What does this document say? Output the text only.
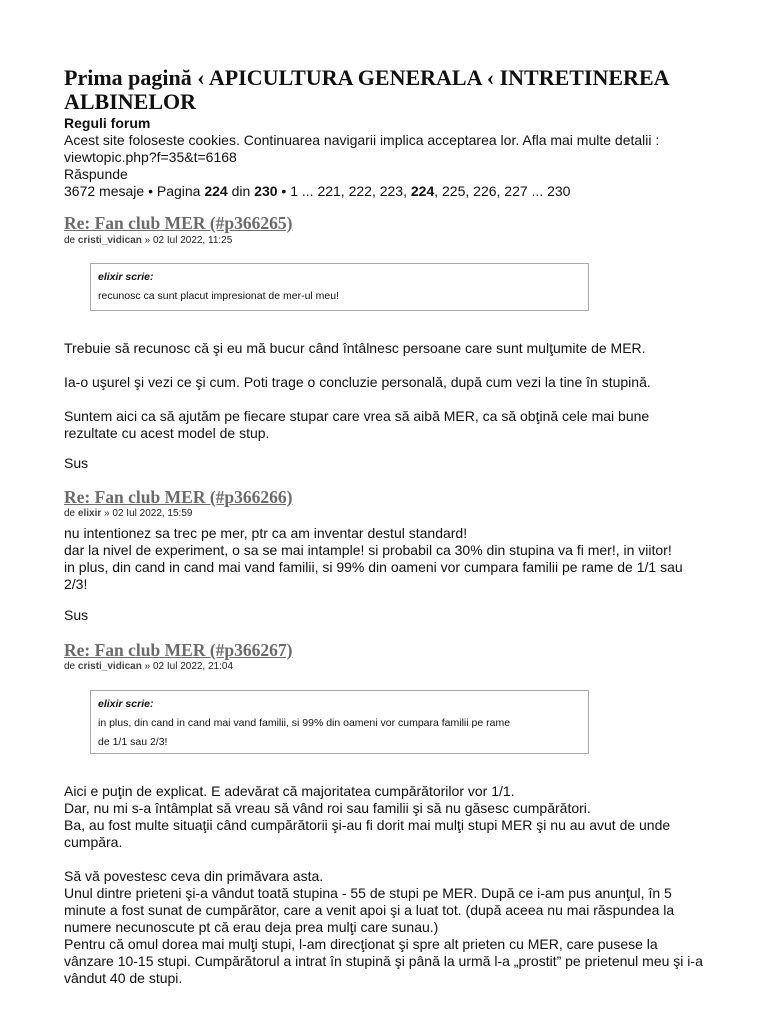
Prima pagină ‹ APICULTURA GENERALA ‹ INTRETINEREA ALBINELOR
Reguli forum
Acest site foloseste cookies. Continuarea navigarii implica acceptarea lor. Afla mai multe detalii :
viewtopic.php?f=35&t=6168
Răspunde
3672 mesaje • Pagina 224 din 230 • 1 ... 221, 222, 223, 224, 225, 226, 227 ... 230
Re: Fan club MER (#p366265)
de cristi_vidican » 02 Iul 2022, 11:25
elixir scrie:
recunosc ca sunt placut impresionat de mer-ul meu!
Trebuie să recunosc că şi eu mă bucur când întâlnesc persoane care sunt mulţumite de MER.
Ia-o uşurel şi vezi ce şi cum. Poti trage o concluzie personală, după cum vezi la tine în stupină.
Suntem aici ca să ajutăm pe fiecare stupar care vrea să aibă MER, ca să obţină cele mai bune rezultate cu acest model de stup.
Sus
Re: Fan club MER (#p366266)
de elixir » 02 Iul 2022, 15:59
nu intentionez sa trec pe mer, ptr ca am inventar destul standard!
dar la nivel de experiment, o sa se mai intample! si probabil ca 30% din stupina va fi mer!, in viitor!
in plus, din cand in cand mai vand familii, si 99% din oameni vor cumpara familii pe rame de 1/1 sau 2/3!
Sus
Re: Fan club MER (#p366267)
de cristi_vidican » 02 Iul 2022, 21:04
elixir scrie:
in plus, din cand in cand mai vand familii, si 99% din oameni vor cumpara familii pe rame
de 1/1 sau 2/3!
Aici e puţin de explicat. E adevărat că majoritatea cumpărătorilor vor 1/1.
Dar, nu mi s-a întâmplat să vreau să vând roi sau familii şi să nu găsesc cumpărători.
Ba, au fost multe situaţii când cumpărătorii şi-au fi dorit mai mulţi stupi MER şi nu au avut de unde cumpăra.
Să vă povestesc ceva din primăvara asta.
Unul dintre prieteni şi-a vândut toată stupina - 55 de stupi pe MER. După ce i-am pus anunţul, în 5 minute a fost sunat de cumpărător, care a venit apoi şi a luat tot. (după aceea nu mai răspundea la numere necunoscute pt că erau deja prea mulţi care sunau.)
Pentru că omul dorea mai mulţi stupi, l-am direcţionat şi spre alt prieten cu MER, care pusese la vânzare 10-15 stupi. Cumpărătorul a intrat în stupină şi până la urmă l-a „prostit” pe prietenul meu şi i-a vândut 40 de stupi.
